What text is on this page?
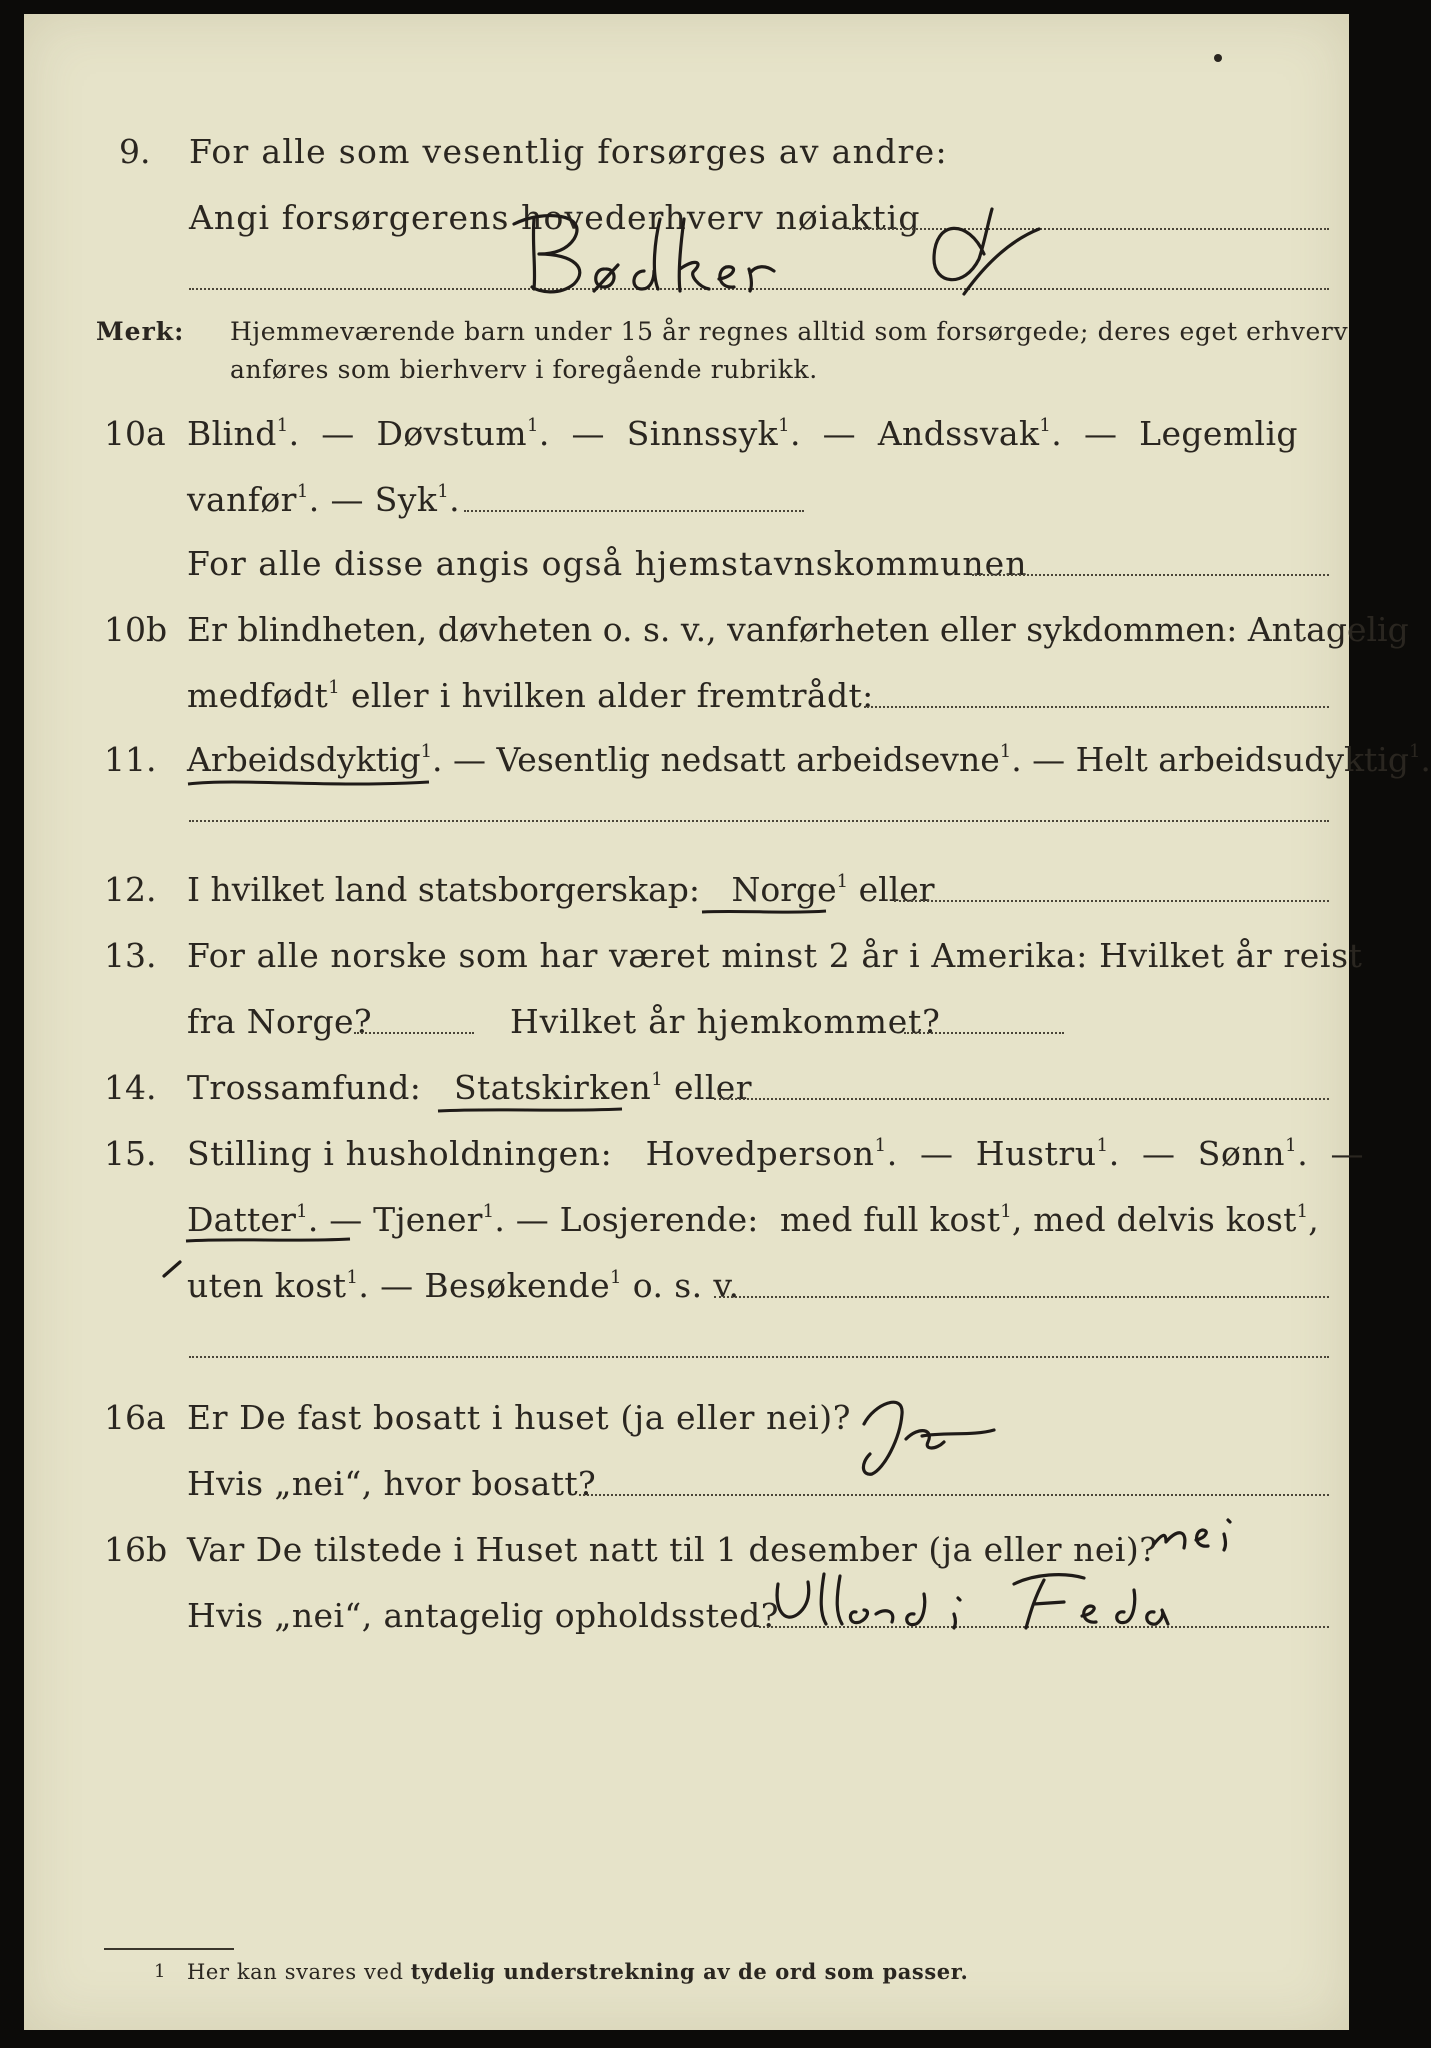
9. For alle som vesentlig forsørges av andre:
Angi forsørgerens hovederhverv nøiaktig
Merk: Hjemmeværende barn under 15 år regnes alltid som forsørgede; deres eget erhverv
anføres som bierhverv i foregående rubrikk.
10a Blind$^1$.  — Døvstum$^1$.  — Sinnssyk$^1$.  — Andssvak$^1$.  — Legemlig
vanfør$^1$. — Syk$^1$.
For alle disse angis også hjemstavnskommunen
10b Er blindheten, døvheten o. s. v., vanførheten eller sykdommen: Antagelig
medfødt$^1$ eller i hvilken alder fremtrådt:
11. Arbeidsdyktig$^1$. — Vesentlig nedsatt arbeidsevne$^1$. — Helt arbeidsudyktig$^1$.
12. I hvilket land statsborgerskap: Norge$^1$ eller
13. For alle norske som har været minst 2 år i Amerika: Hvilket år reist
fra Norge?	Hvilket år hjemkommet?
14. Trossamfund: Statskirken$^1$ eller
15. Stilling i husholdningen: Hovedperson$^1$.  — Hustru$^1$.  — Sønn$^1$.  —
Datter$^1$. — Tjener$^1$. — Losjerende: med full kost$^1$, med delvis kost$^1$,
uten kost$^1$. — Besøkende$^1$ o. s. v.
16a Er De fast bosatt i huset (ja eller nei)?
Hvis „nei“, hvor bosatt?
16b Var De tilstede i Huset natt til 1 desember (ja eller nei)?
Hvis „nei“, antagelig opholdssted?
1 Her kan svares ved tydelig understrekning av de ord som passer.
